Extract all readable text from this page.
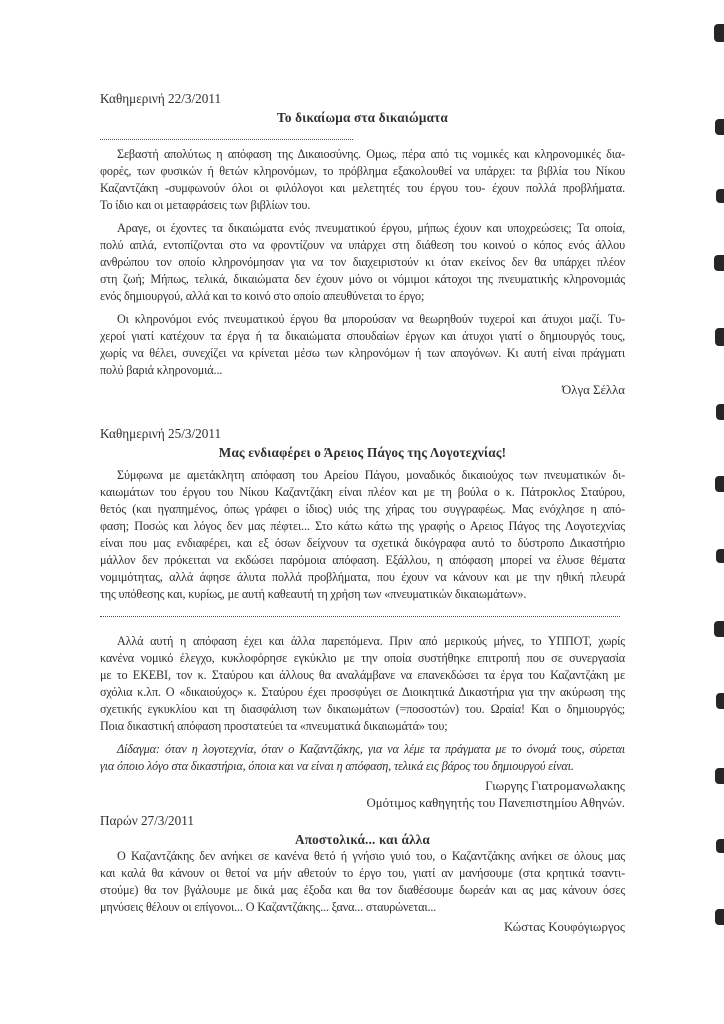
Καθημερινή 22/3/2011
Το δικαίωμα στα δικαιώματα
Σεβαστή απολύτως η απόφαση της Δικαιοσύνης. Ομως, πέρα από τις νομικές και κληρονομικές δια-
φορές, των φυσικών ή θετών κληρονόμων, το πρόβλημα εξακολουθεί να υπάρχει: τα βιβλία του Νίκου
Καζαντζάκη -συμφωνούν όλοι οι φιλόλογοι και μελετητές του έργου του- έχουν πολλά προβλήματα.
Το ίδιο και οι μεταφράσεις των βιβλίων του.
Αραγε, οι έχοντες τα δικαιώματα ενός πνευματικού έργου, μήπως έχουν και υποχρεώσεις; Τα οποία,
πολύ απλά, εντοπίζονται στο να φροντίζουν να υπάρχει στη διάθεση του κοινού ο κόπος ενός άλλου
ανθρώπου τον οποίο κληρονόμησαν για να τον διαχειριστούν κι όταν εκείνος δεν θα υπάρχει πλέον
στη ζωή; Μήπως, τελικά, δικαιώματα δεν έχουν μόνο οι νόμιμοι κάτοχοι της πνευματικής κληρονομιάς
ενός δημιουργού, αλλά και το κοινό στο οποίο απευθύνεται το έργο;
Οι κληρονόμοι ενός πνευματικού έργου θα μπορούσαν να θεωρηθούν τυχεροί και άτυχοι μαζί. Τυ-
χεροί γιατί κατέχουν τα έργα ή τα δικαιώματα σπουδαίων έργων και άτυχοι γιατί ο δημιουργός τους,
χωρίς να θέλει, συνεχίζει να κρίνεται μέσω των κληρονόμων ή των απογόνων. Κι αυτή είναι πράγματι
πολύ βαριά κληρονομιά...
Όλγα Σέλλα
Καθημερινή 25/3/2011
Μας ενδιαφέρει ο Άρειος Πάγος της Λογοτεχνίας!
Σύμφωνα με αμετάκλητη απόφαση του Αρείου Πάγου, μοναδικός δικαιούχος των πνευματικών δι-
καιωμάτων του έργου του Νίκου Καζαντζάκη είναι πλέον και με τη βούλα ο κ. Πάτροκλος Σταύρου,
θετός (και ηγαπημένος, όπως γράφει ο ίδιος) υιός της χήρας του συγγραφέως. Μας ενόχλησε η από-
φαση; Ποσώς και λόγος δεν μας πέφτει... Στο κάτω κάτω της γραφής ο Αρειος Πάγος της Λογοτεχνίας
είναι που μας ενδιαφέρει, και εξ όσων δείχνουν τα σχετικά δικόγραφα αυτό το δύστροπο Δικαστήριο
μάλλον δεν πρόκειται να εκδώσει παρόμοια απόφαση. Εξάλλου, η απόφαση μπορεί να έλυσε θέματα
νομιμότητας, αλλά άφησε άλυτα πολλά προβλήματα, που έχουν να κάνουν και με την ηθική πλευρά
της υπόθεσης και, κυρίως, με αυτή καθεαυτή τη χρήση των «πνευματικών δικαιωμάτων».
Αλλά αυτή η απόφαση έχει και άλλα παρεπόμενα. Πριν από μερικούς μήνες, το ΥΠΠΟΤ, χωρίς
κανένα νομικό έλεγχο, κυκλοφόρησε εγκύκλιο με την οποία συστήθηκε επιτροπή που σε συνεργασία
με το ΕΚΕΒΙ, τον κ. Σταύρου και άλλους θα αναλάμβανε να επανεκδώσει τα έργα του Καζαντζάκη με
σχόλια κ.λπ. Ο «δικαιούχος» κ. Σταύρου έχει προσφύγει σε Διοικητικά Δικαστήρια για την ακύρωση της
σχετικής εγκυκλίου και τη διασφάλιση των δικαιωμάτων (=ποσοστών) του. Ωραία! Και ο δημιουργός;
Ποια δικαστική απόφαση προστατεύει τα «πνευματικά δικαιωμάτά» του;
Δίδαγμα: όταν η λογοτεχνία, όταν ο Καζαντζάκης, για να λέμε τα πράγματα με το όνομά τους, σύρεται
για όποιο λόγο στα δικαστήρια, όποια και να είναι η απόφαση, τελικά εις βάρος του δημιουργού είναι.
Γιωργης Γιατρομανωλακης
Ομότιμος καθηγητής του Πανεπιστημίου Αθηνών.
Παρών 27/3/2011
Αποστολικά... και άλλα
Ο Καζαντζάκης δεν ανήκει σε κανένα θετό ή γνήσιο γυιό του, ο Καζαντζάκης ανήκει σε όλους μας
και καλά θα κάνουν οι θετοί να μήν αθετούν το έργο του, γιατί αν μανήσουμε (στα κρητικά τσαντι-
στούμε) θα τον βγάλουμε με δικά μας έξοδα και θα τον διαθέσουμε δωρεάν και ας μας κάνουν όσες
μηνύσεις θέλουν οι επίγονοι... Ο Καζαντζάκης... ξανα... σταυρώνεται...
Κώστας Κουφόγιωργος
